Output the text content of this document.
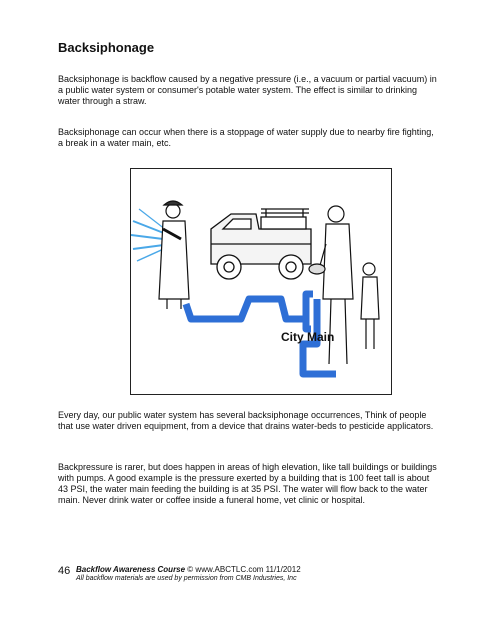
Backsiphonage

Backsiphonage is backflow caused by a negative pressure (i.e., a vacuum or partial vacuum) in a public water system or consumer's potable water system. The effect is similar to drinking water through a straw.

Backsiphonage can occur when there is a stoppage of water supply due to nearby fire fighting, a break in a water main, etc.

City Main

Every day, our public water system has several backsiphonage occurrences, Think of people that use water driven equipment, from a device that drains water-beds to pesticide applicators.

Backpressure is rarer, but does happen in areas of high elevation, like tall buildings or buildings with pumps. A good example is the pressure exerted by a building that is 100 feet tall is about 43 PSI, the water main feeding the building is at 35 PSI. The water will flow back to the water main. Never drink water or coffee inside a funeral home, vet clinic or hospital.

46 Backflow Awareness Course © www.ABCTLC.com 11/1/2012
All backflow materials are used by permission from CMB Industries, Inc
